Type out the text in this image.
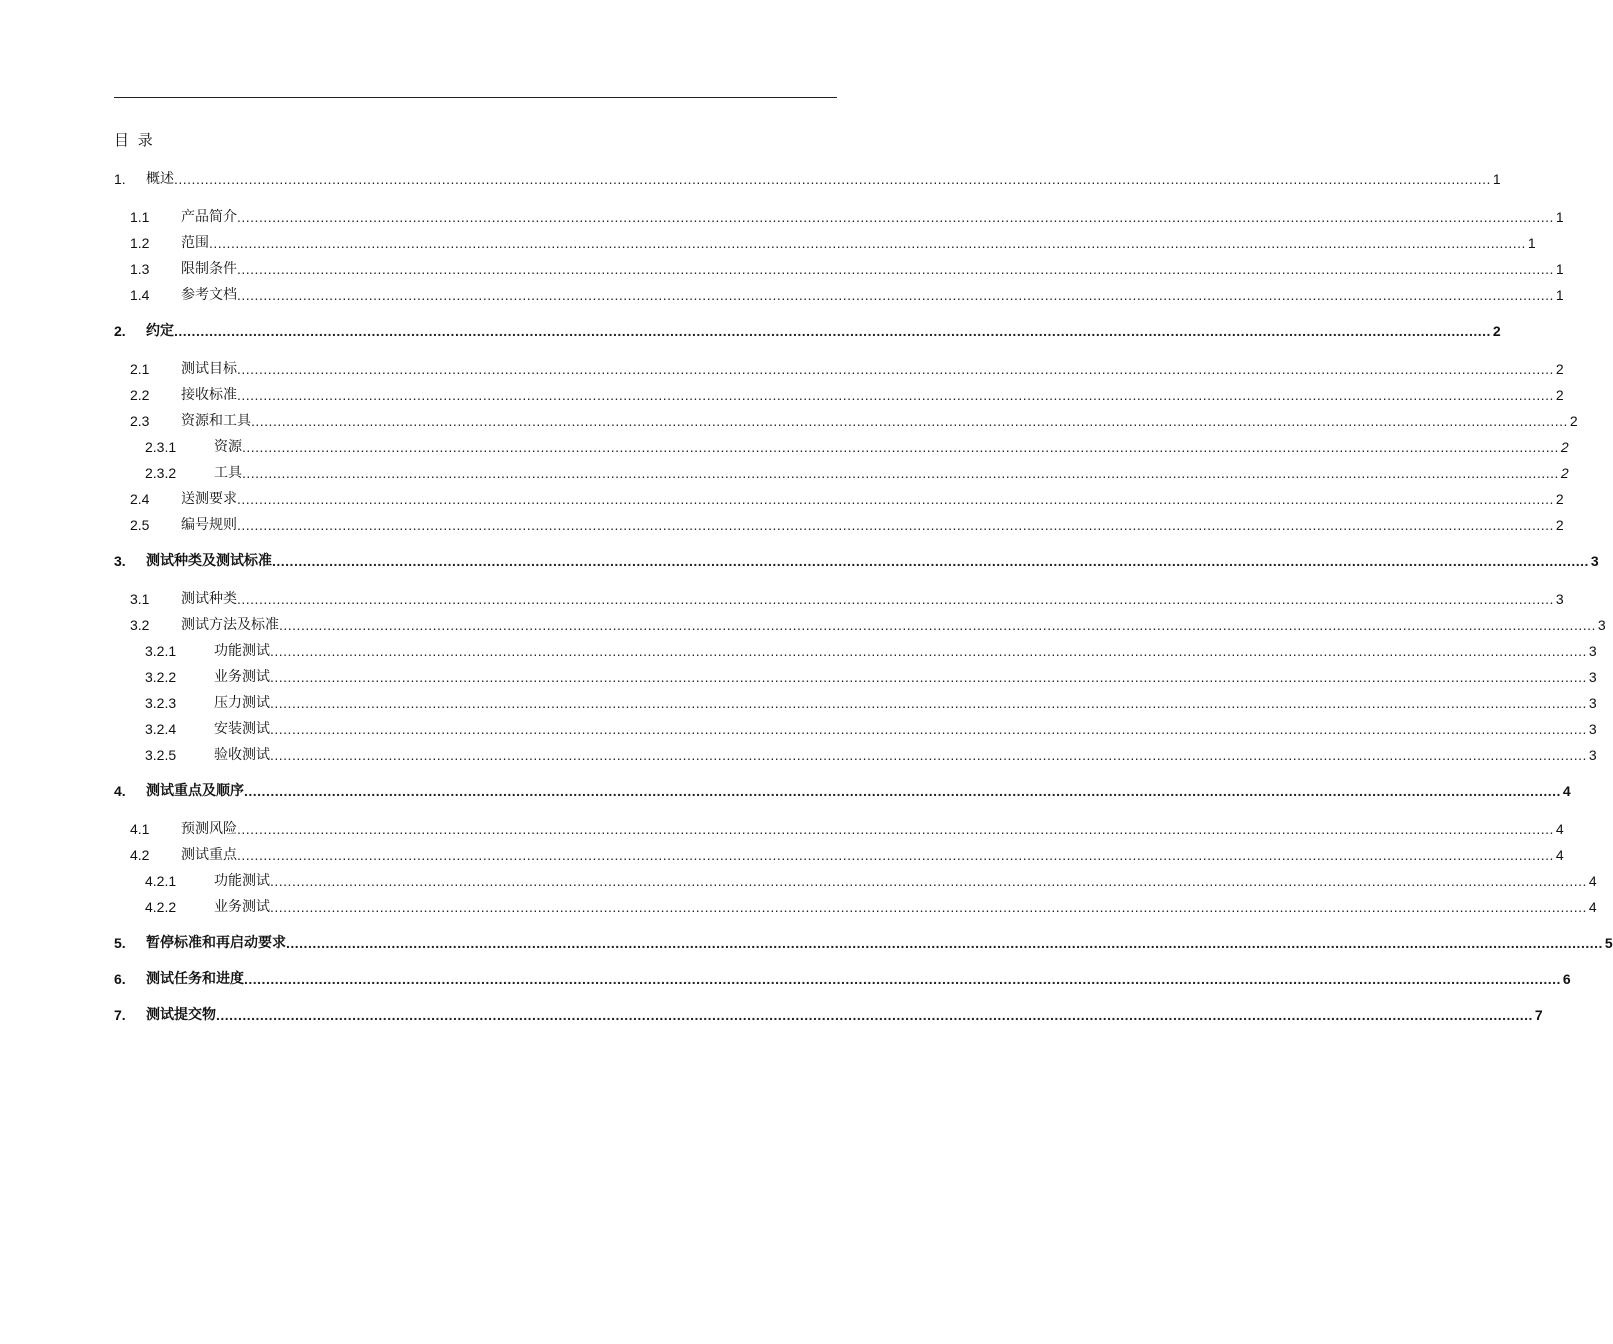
目 录
1.	概述 ............................................................................................................................................................................................................................................................................................................ 1
1.1	产品简介 ............................................................................................................................................................................................................................................................................................................ 1
1.2	范围 ............................................................................................................................................................................................................................................................................................................ 1
1.3	限制条件 ............................................................................................................................................................................................................................................................................................................ 1
1.4	参考文档 ............................................................................................................................................................................................................................................................................................................ 1
2.	约定 ............................................................................................................................................................................................................................................................................................................ 2
2.1	测试目标 ............................................................................................................................................................................................................................................................................................................ 2
2.2	接收标准 ............................................................................................................................................................................................................................................................................................................ 2
2.3	资源和工具 ............................................................................................................................................................................................................................................................................................................ 2
2.3.1	资源 ............................................................................................................................................................................................................................................................................................................ 2
2.3.2	工具 ............................................................................................................................................................................................................................................................................................................ 2
2.4	送测要求 ............................................................................................................................................................................................................................................................................................................ 2
2.5	编号规则 ............................................................................................................................................................................................................................................................................................................ 2
3.	测试种类及测试标准 ............................................................................................................................................................................................................................................................................................................ 3
3.1	测试种类 ............................................................................................................................................................................................................................................................................................................ 3
3.2	测试方法及标准 ............................................................................................................................................................................................................................................................................................................ 3
3.2.1	功能测试 ............................................................................................................................................................................................................................................................................................................ 3
3.2.2	业务测试 ............................................................................................................................................................................................................................................................................................................ 3
3.2.3	压力测试 ............................................................................................................................................................................................................................................................................................................ 3
3.2.4	安装测试 ............................................................................................................................................................................................................................................................................................................ 3
3.2.5	验收测试 ............................................................................................................................................................................................................................................................................................................ 3
4.	测试重点及顺序 ............................................................................................................................................................................................................................................................................................................ 4
4.1	预测风险 ............................................................................................................................................................................................................................................................................................................ 4
4.2	测试重点 ............................................................................................................................................................................................................................................................................................................ 4
4.2.1	功能测试 ............................................................................................................................................................................................................................................................................................................ 4
4.2.2	业务测试 ............................................................................................................................................................................................................................................................................................................ 4
5.	暂停标准和再启动要求 ............................................................................................................................................................................................................................................................................................................ 5
6.	测试任务和进度 ............................................................................................................................................................................................................................................................................................................ 6
7.	测试提交物 ............................................................................................................................................................................................................................................................................................................ 7
